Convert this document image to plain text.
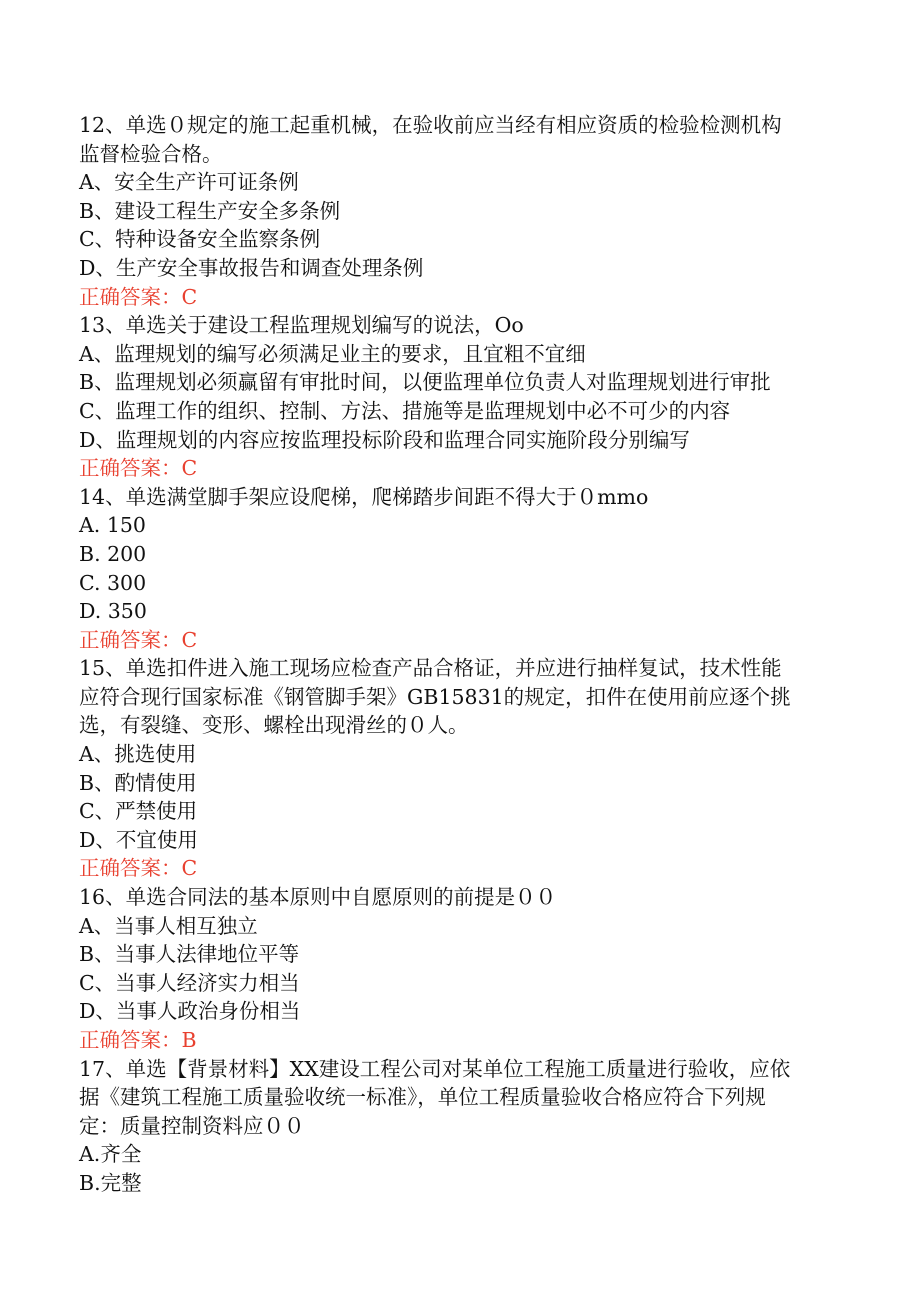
12、单选０规定的施工起重机械，在验收前应当经有相应资质的检验检测机构
监督检验合格。
A、安全生产许可证条例
B、建设工程生产安全多条例
C、特种设备安全监察条例
D、生产安全事故报告和调查处理条例
正确答案：C
13、单选关于建设工程监理规划编写的说法，Oo
A、监理规划的编写必须满足业主的要求，且宜粗不宜细
B、监理规划必须赢留有审批时间，以便监理单位负责人对监理规划进行审批
C、监理工作的组织、控制、方法、措施等是监理规划中必不可少的内容
D、监理规划的内容应按监理投标阶段和监理合同实施阶段分别编写
正确答案：C
14、单选满堂脚手架应设爬梯，爬梯踏步间距不得大于０mmo
A. 150
B. 200
C. 300
D. 350
正确答案：C
15、单选扣件进入施工现场应检查产品合格证，并应进行抽样复试，技术性能
应符合现行国家标准《钢管脚手架》GB15831的规定，扣件在使用前应逐个挑
选，有裂缝、变形、螺栓出现滑丝的０人。
A、挑选使用
B、酌情使用
C、严禁使用
D、不宜使用
正确答案：C
16、单选合同法的基本原则中自愿原则的前提是００
A、当事人相互独立
B、当事人法律地位平等
C、当事人经济实力相当
D、当事人政治身份相当
正确答案：B
17、单选【背景材料】XX建设工程公司对某单位工程施工质量进行验收，应依
据《建筑工程施工质量验收统一标准》，单位工程质量验收合格应符合下列规
定：质量控制资料应００
A.齐全
B.完整
